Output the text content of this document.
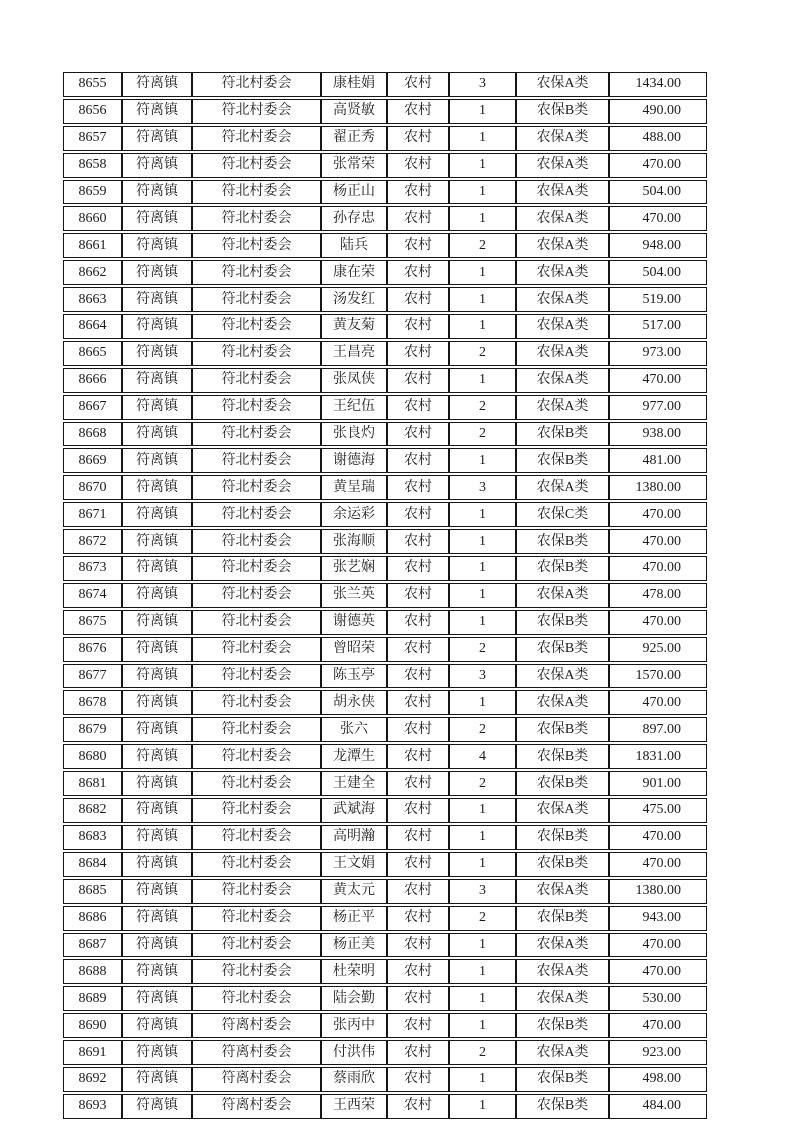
8655	符离镇	符北村委会	康桂娟	农村	3	农保A类	1434.00
8656	符离镇	符北村委会	高贤敏	农村	1	农保B类	490.00
8657	符离镇	符北村委会	翟正秀	农村	1	农保A类	488.00
8658	符离镇	符北村委会	张常荣	农村	1	农保A类	470.00
8659	符离镇	符北村委会	杨正山	农村	1	农保A类	504.00
8660	符离镇	符北村委会	孙存忠	农村	1	农保A类	470.00
8661	符离镇	符北村委会	陆兵	农村	2	农保A类	948.00
8662	符离镇	符北村委会	康在荣	农村	1	农保A类	504.00
8663	符离镇	符北村委会	汤发红	农村	1	农保A类	519.00
8664	符离镇	符北村委会	黄友菊	农村	1	农保A类	517.00
8665	符离镇	符北村委会	王昌亮	农村	2	农保A类	973.00
8666	符离镇	符北村委会	张凤侠	农村	1	农保A类	470.00
8667	符离镇	符北村委会	王纪伍	农村	2	农保A类	977.00
8668	符离镇	符北村委会	张良灼	农村	2	农保B类	938.00
8669	符离镇	符北村委会	谢德海	农村	1	农保B类	481.00
8670	符离镇	符北村委会	黄呈瑞	农村	3	农保A类	1380.00
8671	符离镇	符北村委会	余运彩	农村	1	农保C类	470.00
8672	符离镇	符北村委会	张海顺	农村	1	农保B类	470.00
8673	符离镇	符北村委会	张艺娴	农村	1	农保B类	470.00
8674	符离镇	符北村委会	张兰英	农村	1	农保A类	478.00
8675	符离镇	符北村委会	谢德英	农村	1	农保B类	470.00
8676	符离镇	符北村委会	曾昭荣	农村	2	农保B类	925.00
8677	符离镇	符北村委会	陈玉亭	农村	3	农保A类	1570.00
8678	符离镇	符北村委会	胡永侠	农村	1	农保A类	470.00
8679	符离镇	符北村委会	张六	农村	2	农保B类	897.00
8680	符离镇	符北村委会	龙潭生	农村	4	农保B类	1831.00
8681	符离镇	符北村委会	王建全	农村	2	农保B类	901.00
8682	符离镇	符北村委会	武斌海	农村	1	农保A类	475.00
8683	符离镇	符北村委会	高明瀚	农村	1	农保B类	470.00
8684	符离镇	符北村委会	王文娟	农村	1	农保B类	470.00
8685	符离镇	符北村委会	黄太元	农村	3	农保A类	1380.00
8686	符离镇	符北村委会	杨正平	农村	2	农保B类	943.00
8687	符离镇	符北村委会	杨正美	农村	1	农保A类	470.00
8688	符离镇	符北村委会	杜荣明	农村	1	农保A类	470.00
8689	符离镇	符北村委会	陆会勤	农村	1	农保A类	530.00
8690	符离镇	符离村委会	张丙中	农村	1	农保B类	470.00
8691	符离镇	符离村委会	付洪伟	农村	2	农保A类	923.00
8692	符离镇	符离村委会	蔡雨欣	农村	1	农保B类	498.00
8693	符离镇	符离村委会	王西荣	农村	1	农保B类	484.00
